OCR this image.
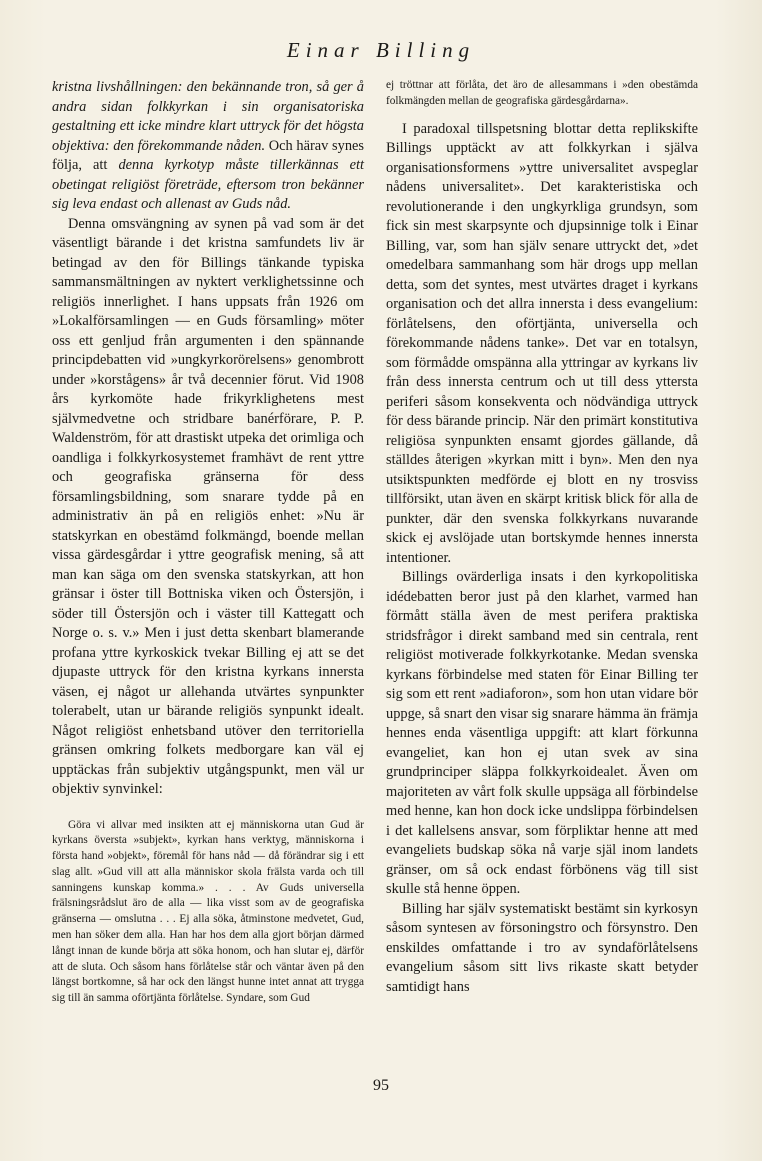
Einar Billing

kristna livshållningen: den bekännande tron, så ger å andra sidan folkkyrkan i sin organisatoriska gestaltning ett icke mindre klart uttryck för det högsta objektiva: den förekommande nåden. Och härav synes följa, att denna kyrkotyp måste tillerkännas ett obetingat religiöst företräde, eftersom tron bekänner sig leva endast och allenast av Guds nåd.

Denna omsvängning av synen på vad som är det väsentligt bärande i det kristna samfundets liv är betingad av den för Billings tänkande typiska sammansmältningen av nyktert verklighetssinne och religiös innerlighet. I hans uppsats från 1926 om »Lokalförsamlingen — en Guds församling» möter oss ett genljud från argumenten i den spännande principdebatten vid »ungkyrkorörelsens» genombrott under »korstågens» år två decennier förut. Vid 1908 års kyrkomöte hade frikyrklighetens mest självmedvetne och stridbare banérförare, P. P. Waldenström, för att drastiskt utpeka det orimliga och oandliga i folkkyrkosystemet framhävt de rent yttre och geografiska gränserna för dess församlingsbildning, som snarare tydde på en administrativ än på en religiös enhet: »Nu är statskyrkan en obestämd folkmängd, boende mellan vissa gärdesgårdar i yttre geografisk mening, så att man kan säga om den svenska statskyrkan, att hon gränsar i öster till Bottniska viken och Östersjön, i söder till Östersjön och i väster till Kattegatt och Norge o. s. v.» Men i just detta skenbart blamerande profana yttre kyrkoskick tvekar Billing ej att se det djupaste uttryck för den kristna kyrkans innersta väsen, ej något ur allehanda utvärtes synpunkter tolerabelt, utan ur bärande religiös synpunkt idealt. Något religiöst enhetsband utöver den territoriella gränsen omkring folkets medborgare kan väl ej upptäckas från subjektiv utgångspunkt, men väl ur objektiv synvinkel:

Göra vi allvar med insikten att ej människorna utan Gud är kyrkans översta »subjekt», kyrkan hans verktyg, människorna i första hand »objekt», föremål för hans nåd — då förändrar sig i ett slag allt. »Gud vill att alla människor skola frälsta varda och till sanningens kunskap komma.» . . . Av Guds universella frälsningsrådslut äro de alla — lika visst som av de geografiska gränserna — omslutna . . . Ej alla söka, åtminstone medvetet, Gud, men han söker dem alla. Han har hos dem alla gjort början därmed långt innan de kunde börja att söka honom, och han slutar ej, därför att de sluta. Och såsom hans förlåtelse står och väntar även på den längst bortkomne, så har ock den längst hunne intet annat att trygga sig till än samma oförtjänta förlåtelse. Syndare, som Gud

ej tröttnar att förlåta, det äro de allesammans i »den obestämda folkmängden mellan de geografiska gärdesgårdarna».

I paradoxal tillspetsning blottar detta replikskifte Billings upptäckt av att folkkyrkan i själva organisationsformens »yttre universalitet avspeglar nådens universalitet». Det karakteristiska och revolutionerande i den ungkyrkliga grundsyn, som fick sin mest skarpsynte och djupsinnige tolk i Einar Billing, var, som han själv senare uttryckt det, »det omedelbara sammanhang som här drogs upp mellan detta, som det syntes, mest utvärtes draget i kyrkans organisation och det allra innersta i dess evangelium: förlåtelsens, den oförtjänta, universella och förekommande nådens tanke». Det var en totalsyn, som förmådde omspänna alla yttringar av kyrkans liv från dess innersta centrum och ut till dess yttersta periferi såsom konsekventa och nödvändiga uttryck för dess bärande princip. När den primärt konstitutiva religiösa synpunkten ensamt gjordes gällande, då ställdes återigen »kyrkan mitt i byn». Men den nya utsiktspunkten medförde ej blott en ny trosviss tillförsikt, utan även en skärpt kritisk blick för alla de punkter, där den svenska folkkyrkans nuvarande skick ej avslöjade utan bortskymde hennes innersta intentioner.

Billings ovärderliga insats i den kyrkopolitiska idédebatten beror just på den klarhet, varmed han förmått ställa även de mest perifera praktiska stridsfrågor i direkt samband med sin centrala, rent religiöst motiverade folkkyrkotanke. Medan svenska kyrkans förbindelse med staten för Einar Billing ter sig som ett rent »adiaforon», som hon utan vidare bör uppge, så snart den visar sig snarare hämma än främja hennes enda väsentliga uppgift: att klart förkunna evangeliet, kan hon ej utan svek av sina grundprinciper släppa folkkyrkoidealet. Även om majoriteten av vårt folk skulle uppsäga all förbindelse med henne, kan hon dock icke undslippa förbindelsen i det kallelsens ansvar, som förpliktar henne att med evangeliets budskap söka nå varje själ inom landets gränser, om så ock endast förbönens väg till sist skulle stå henne öppen.

Billing har själv systematiskt bestämt sin kyrkosyn såsom syntesen av försoningstro och försynstro. Den enskildes omfattande i tro av syndaförlåtelsens evangelium såsom sitt livs rikaste skatt betyder samtidigt hans

95
